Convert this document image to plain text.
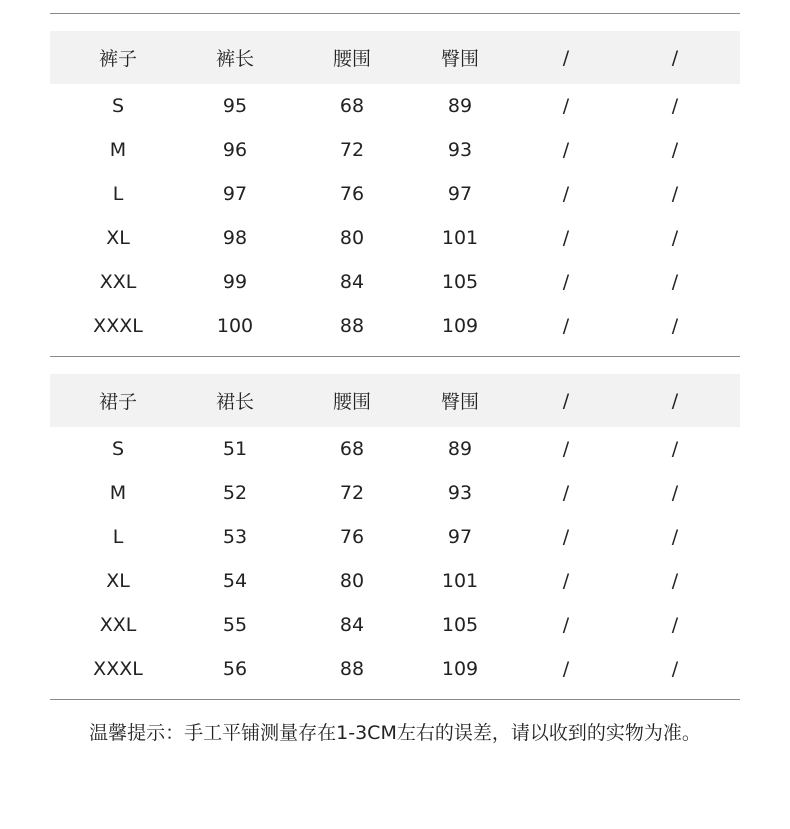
裤子	裤长	腰围	臀围	/	/
S	95	68	89	/	/
M	96	72	93	/	/
L	97	76	97	/	/
XL	98	80	101	/	/
XXL	99	84	105	/	/
XXXL	100	88	109	/	/
裙子	裙长	腰围	臀围	/	/
S	51	68	89	/	/
M	52	72	93	/	/
L	53	76	97	/	/
XL	54	80	101	/	/
XXL	55	84	105	/	/
XXXL	56	88	109	/	/
温馨提示：手工平铺测量存在1-3CM左右的误差，请以收到的实物为准。
